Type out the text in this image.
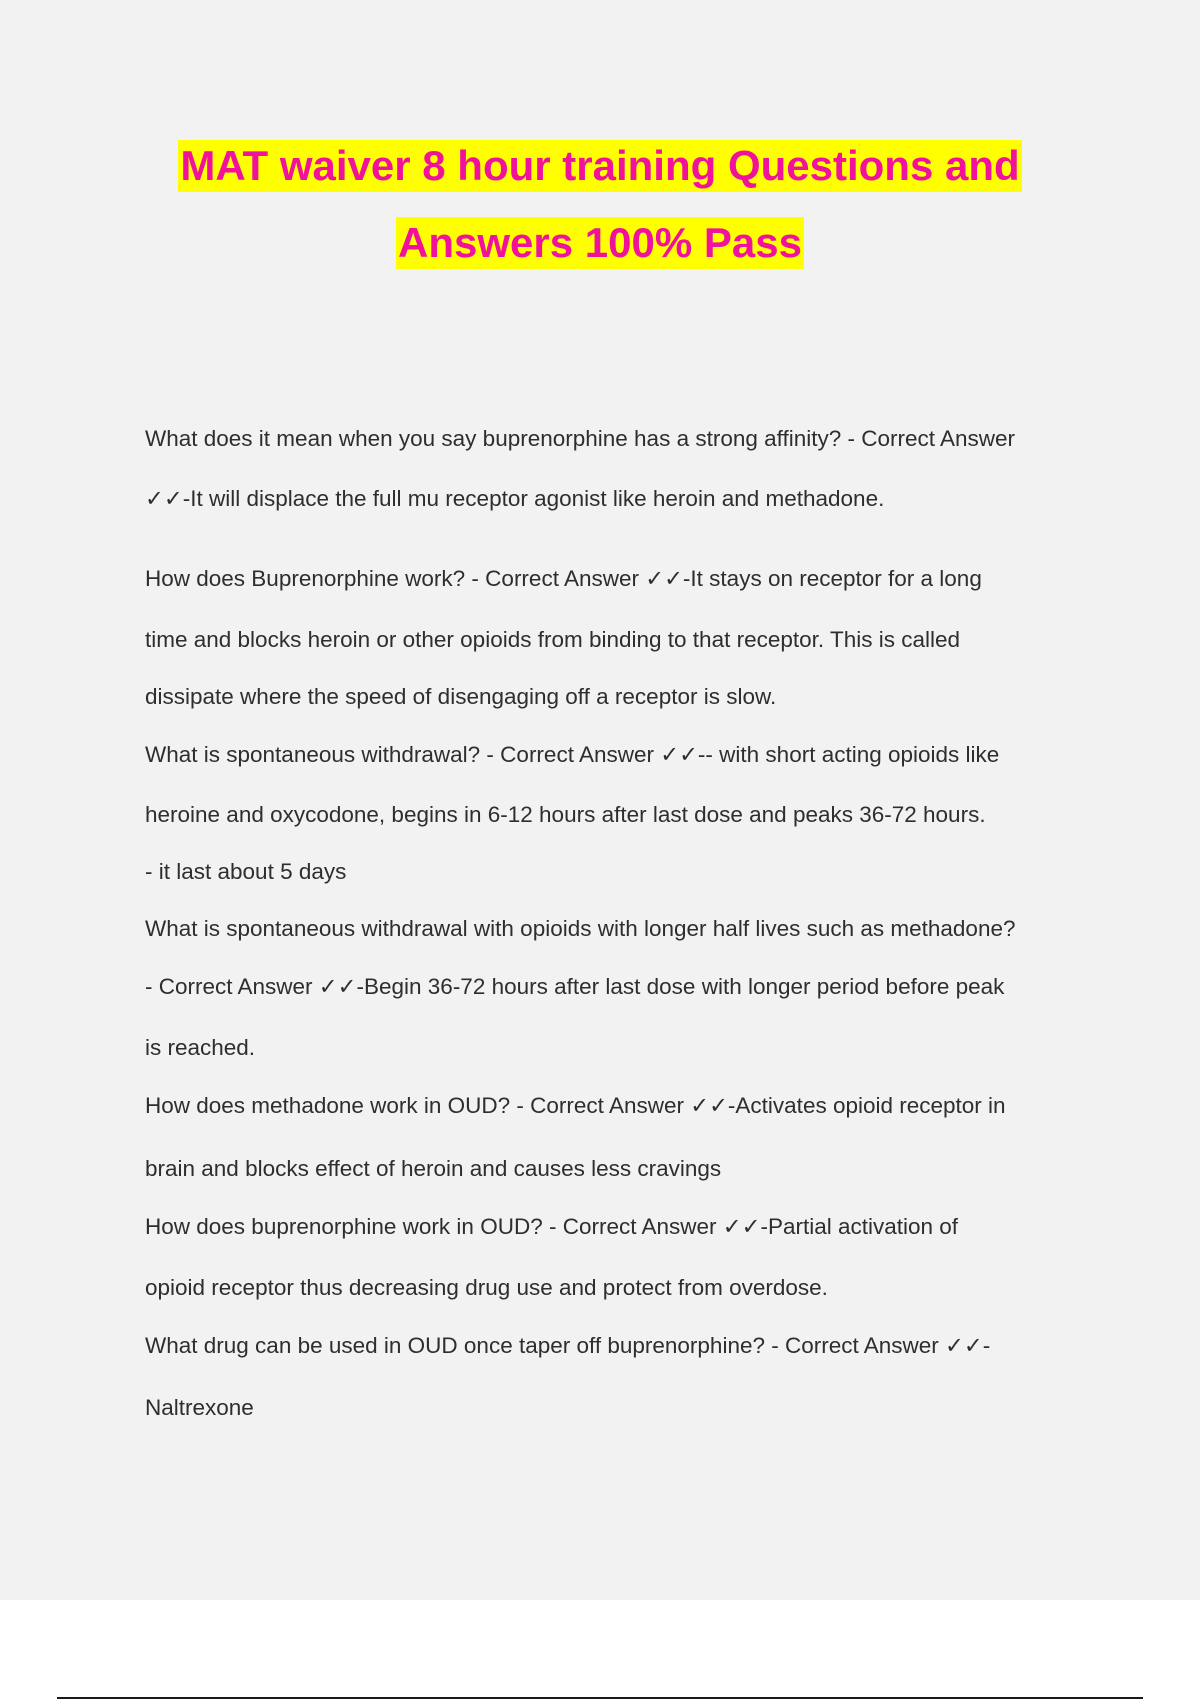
MAT waiver 8 hour training Questions and
Answers 100% Pass
What does it mean when you say buprenorphine has a strong affinity? - Correct Answer
✓✓-It will displace the full mu receptor agonist like heroin and methadone.
How does Buprenorphine work? - Correct Answer ✓✓-It stays on receptor for a long
time and blocks heroin or other opioids from binding to that receptor. This is called
dissipate where the speed of disengaging off a receptor is slow.
What is spontaneous withdrawal? - Correct Answer ✓✓-- with short acting opioids like
heroine and oxycodone, begins in 6-12 hours after last dose and peaks 36-72 hours.
- it last about 5 days
What is spontaneous withdrawal with opioids with longer half lives such as methadone?
- Correct Answer ✓✓-Begin 36-72 hours after last dose with longer period before peak
is reached.
How does methadone work in OUD? - Correct Answer ✓✓-Activates opioid receptor in
brain and blocks effect of heroin and causes less cravings
How does buprenorphine work in OUD? - Correct Answer ✓✓-Partial activation of
opioid receptor thus decreasing drug use and protect from overdose.
What drug can be used in OUD once taper off buprenorphine? - Correct Answer ✓✓-
Naltrexone
